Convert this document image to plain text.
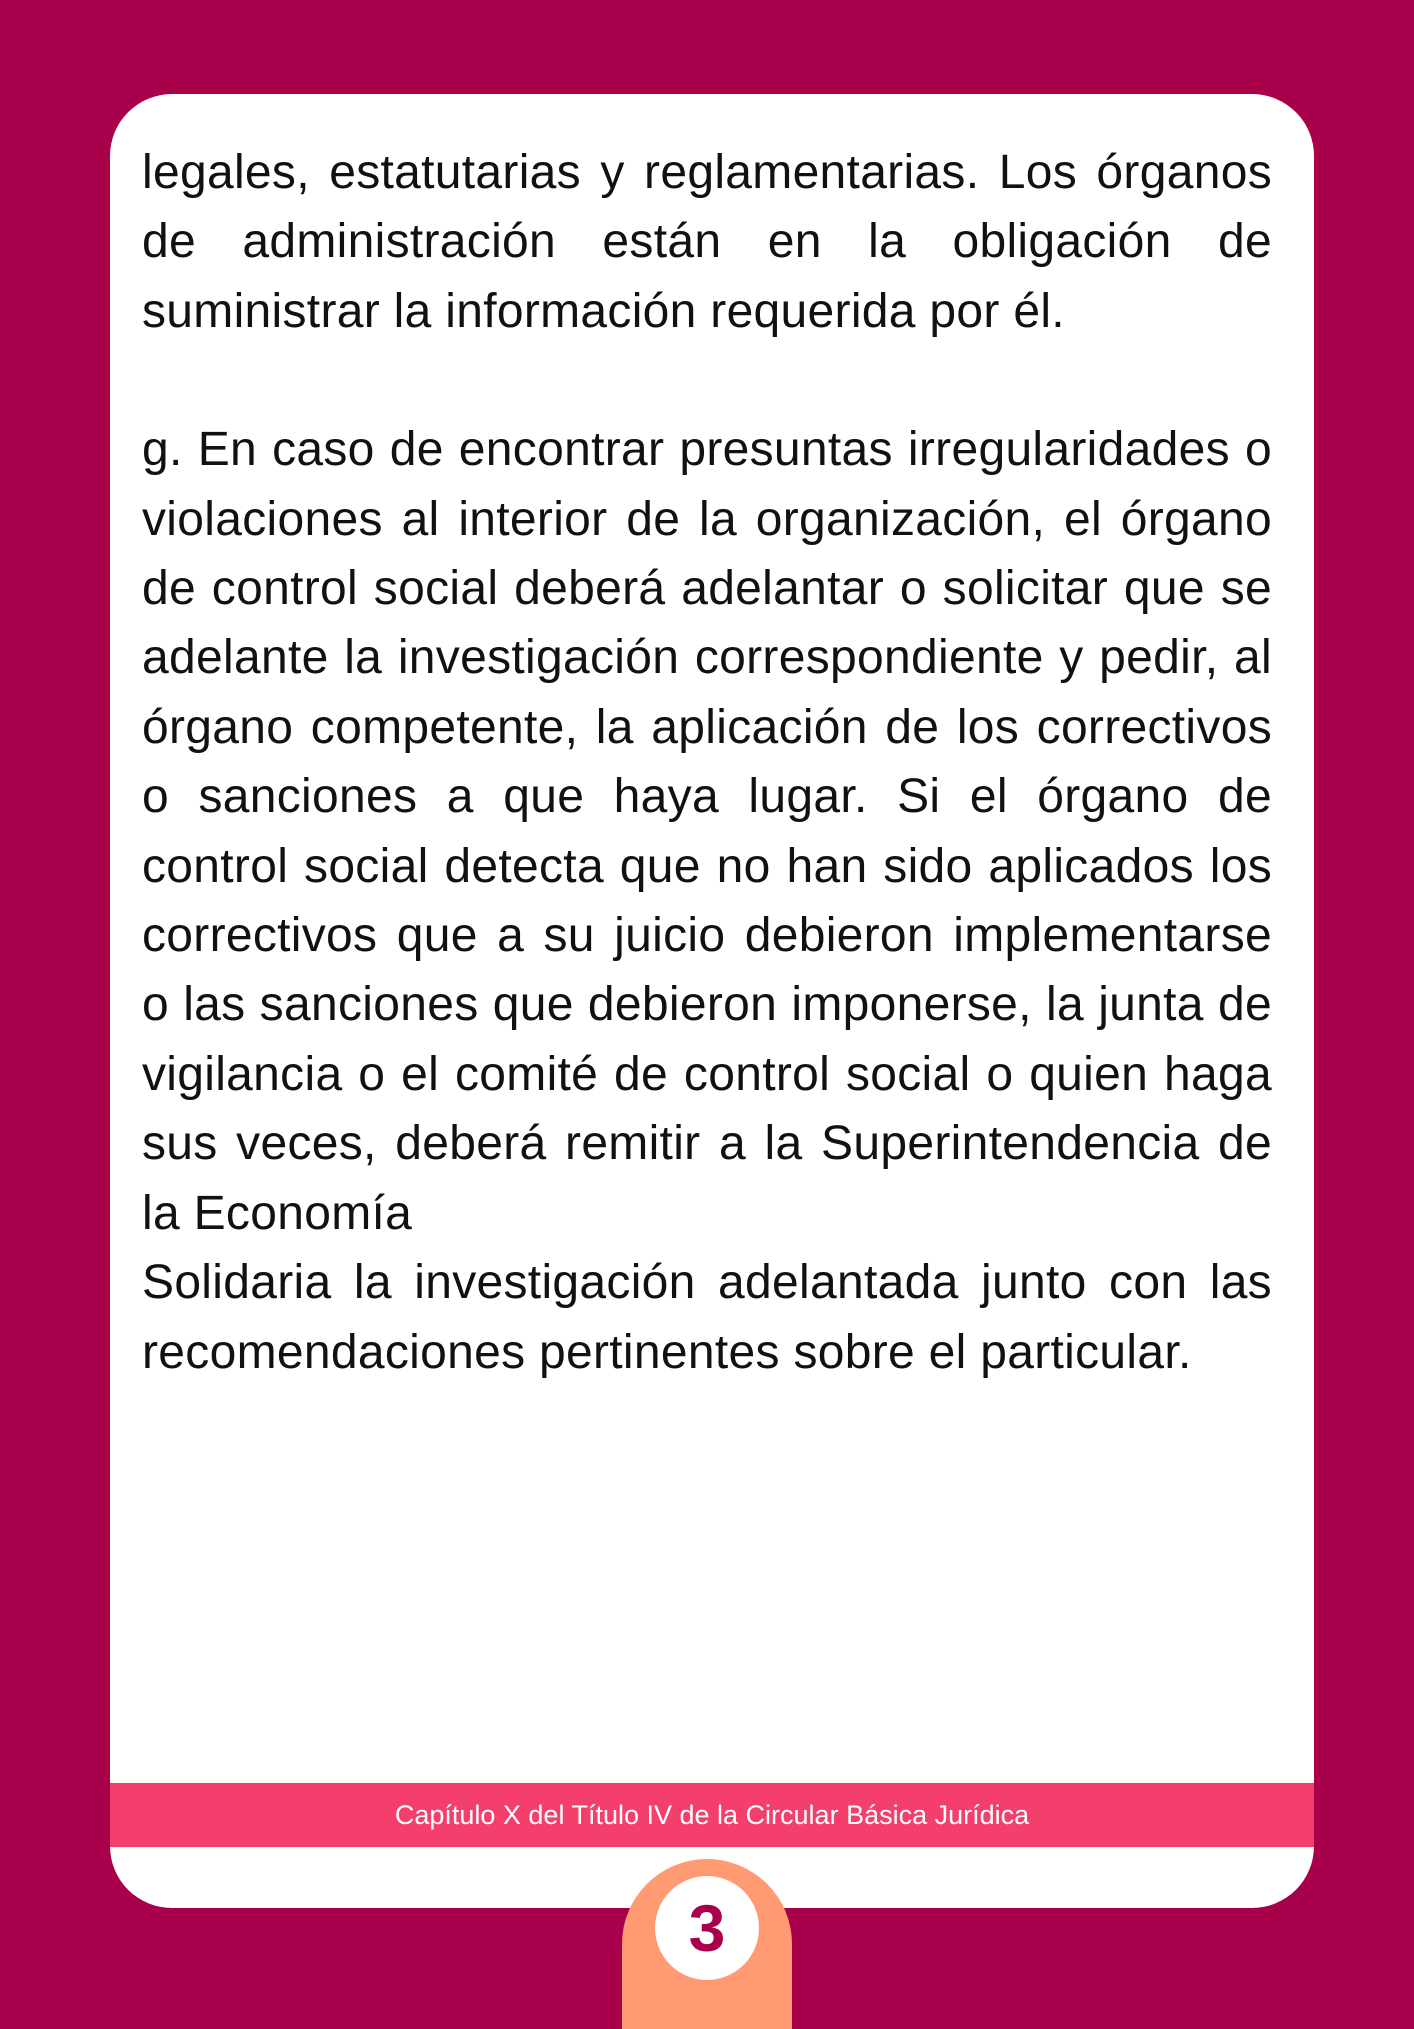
legales, estatutarias y reglamentarias. Los órganos de administración están en la obligación de suministrar la información requerida por él.

g. En caso de encontrar presuntas irregularidades o violaciones al interior de la organización, el órgano de control social deberá adelantar o solicitar que se adelante la investigación correspondiente y pedir, al órgano competente, la aplicación de los correctivos o sanciones a que haya lugar. Si el órgano de control social detecta que no han sido aplicados los correctivos que a su juicio debieron implementarse o las sanciones que debieron imponerse, la junta de vigilancia o el comité de control social o quien haga sus veces, deberá remitir a la Superintendencia de la Economía

Solidaria la investigación adelantada junto con las recomendaciones pertinentes sobre el particular.

Capítulo X del Título IV de la Circular Básica Jurídica
3
